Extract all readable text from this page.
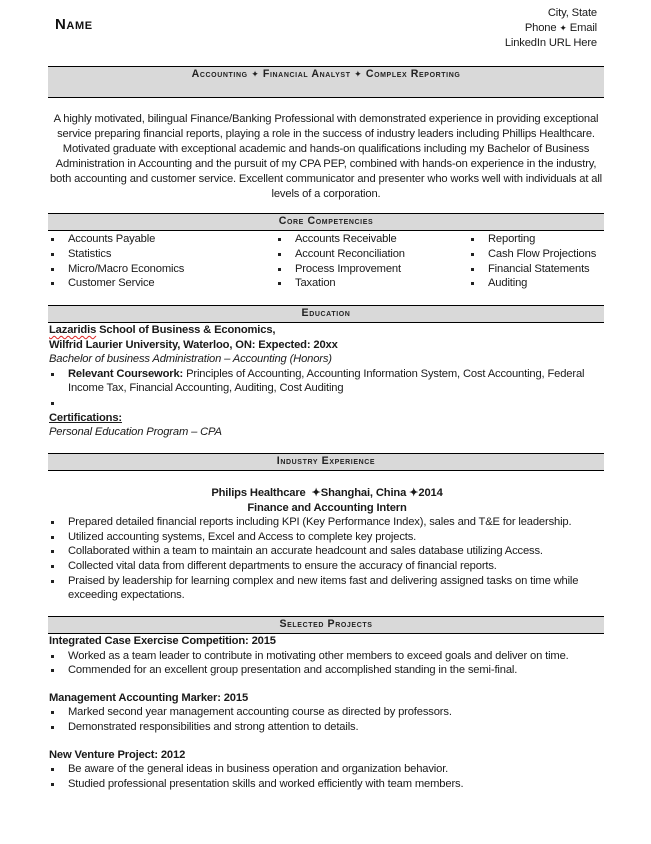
Name
City, State
Phone ✦ Email
LinkedIn URL Here
Accounting ✦ Financial Analyst ✦ Complex Reporting
A highly motivated, bilingual Finance/Banking Professional with demonstrated experience in providing exceptional service preparing financial reports, playing a role in the success of industry leaders including Phillips Healthcare. Motivated graduate with exceptional academic and hands-on qualifications including my Bachelor of Business Administration in Accounting and the pursuit of my CPA PEP, combined with hands-on experience in the industry, both accounting and customer service. Excellent communicator and presenter who works well with individuals at all levels of a corporation.
Core Competencies
Accounts Payable
Statistics
Micro/Macro Economics
Customer Service
Accounts Receivable
Account Reconciliation
Process Improvement
Taxation
Reporting
Cash Flow Projections
Financial Statements
Auditing
Education
Lazaridis School of Business & Economics,
Wilfrid Laurier University, Waterloo, ON: Expected: 20xx
Bachelor of business Administration – Accounting (Honors)
Relevant Coursework: Principles of Accounting, Accounting Information System, Cost Accounting, Federal Income Tax, Financial Accounting, Auditing, Cost Auditing
Certifications:
Personal Education Program – CPA
Industry Experience
Philips Healthcare ✦Shanghai, China ✦2014
Finance and Accounting Intern
Prepared detailed financial reports including KPI (Key Performance Index), sales and T&E for leadership.
Utilized accounting systems, Excel and Access to complete key projects.
Collaborated within a team to maintain an accurate headcount and sales database utilizing Access.
Collected vital data from different departments to ensure the accuracy of financial reports.
Praised by leadership for learning complex and new items fast and delivering assigned tasks on time while exceeding expectations.
Selected Projects
Integrated Case Exercise Competition: 2015
Worked as a team leader to contribute in motivating other members to exceed goals and deliver on time.
Commended for an excellent group presentation and accomplished standing in the semi-final.
Management Accounting Marker: 2015
Marked second year management accounting course as directed by professors.
Demonstrated responsibilities and strong attention to details.
New Venture Project: 2012
Be aware of the general ideas in business operation and organization behavior.
Studied professional presentation skills and worked efficiently with team members.
